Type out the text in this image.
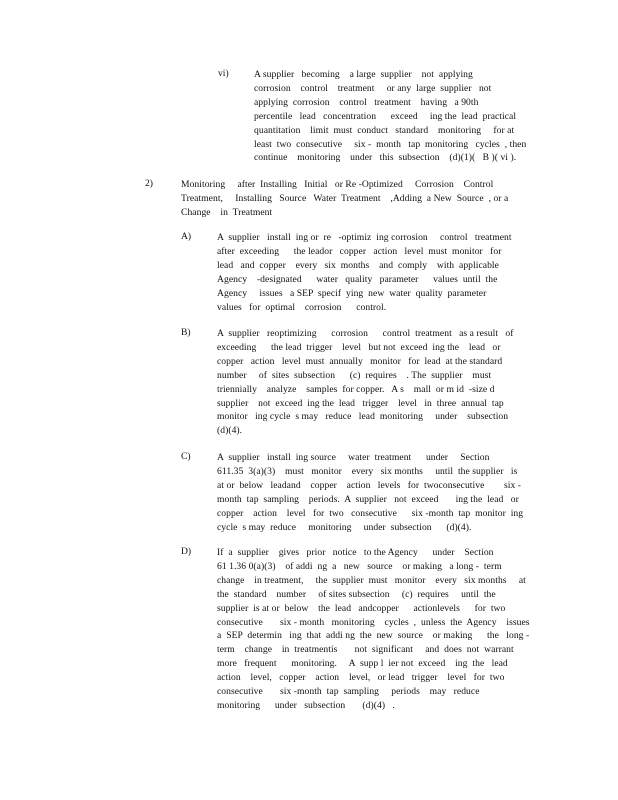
vi)	A supplier   becoming    a large  supplier    not  applying
corrosion    control    treatment     or any  large  supplier   not
applying  corrosion    control   treatment    having   a 90th
percentile   lead   concentration      exceed     ing the  lead  practical
quantitation    limit  must  conduct   standard    monitoring     for at
least  two  consecutive     six -  month   tap  monitoring   cycles  , then
continue    monitoring    under   this  subsection    (d)(1)(   B )( vi ).
2)	Monitoring     after  Installing   Initial   or Re -Optimized     Corrosion    Control
Treatment,     Installing   Source   Water  Treatment    ,Adding  a New  Source  , or a
Change    in  Treatment
A)	A  supplier   install  ing or  re   -optimiz  ing corrosion     control   treatment
after  exceeding      the leador   copper   action   level  must  monitor   for
lead   and  copper    every   six  months    and  comply    with  applicable
Agency    -designated      water   quality   parameter      values  until  the
Agency     issues   a SEP  specif  ying  new  water  quality  parameter
values   for  optimal    corrosion      control.
B)	A  supplier   reoptimizing      corrosion      control  treatment   as a result   of
exceeding      the lead  trigger    level   but not  exceed  ing the    lead   or
copper   action   level  must  annually   monitor   for  lead  at the standard
number     of  sites  subsection      (c)  requires    . The  supplier    must
triennially    analyze    samples  for copper.   A s    mall  or m id  -size d
supplier    not  exceed  ing the  lead   trigger    level   in  three  annual  tap
monitor   ing cycle  s may   reduce   lead  monitoring     under    subsection
(d)(4).
C)	A  supplier   install  ing source     water  treatment      under     Section
611.35  3(a)(3)    must   monitor    every   six months     until  the supplier   is
at or  below   leadand    copper    action   levels   for  twoconsecutive        six -
month  tap  sampling    periods.  A  supplier   not  exceed       ing the  lead   or
copper    action    level   for  two   consecutive      six -month  tap  monitor  ing
cycle  s may  reduce     monitoring     under  subsection      (d)(4).
D)	If  a  supplier    gives   prior   notice   to the Agency      under    Section
61 1.36 0(a)(3)    of addi  ng  a   new   source    or making   a long -  term
change    in treatment,     the  supplier  must   monitor    every   six months     at
the  standard    number     of sites subsection     (c)  requires     until  the
supplier  is at or  below    the  lead   andcopper      actionlevels      for  two
consecutive       six - month   monitoring    cycles  ,  unless  the  Agency    issues
a  SEP  determin   ing  that  addi ng  the  new  source    or making      the   long -
term    change    in  treatmentis       not  significant     and  does  not  warrant
more   frequent      monitoring.     A  supp l  ier not  exceed    ing  the   lead
action    level,   copper    action    level,   or lead   trigger    level   for  two
consecutive       six -month  tap  sampling     periods    may   reduce
monitoring      under   subsection       (d)(4)   .
